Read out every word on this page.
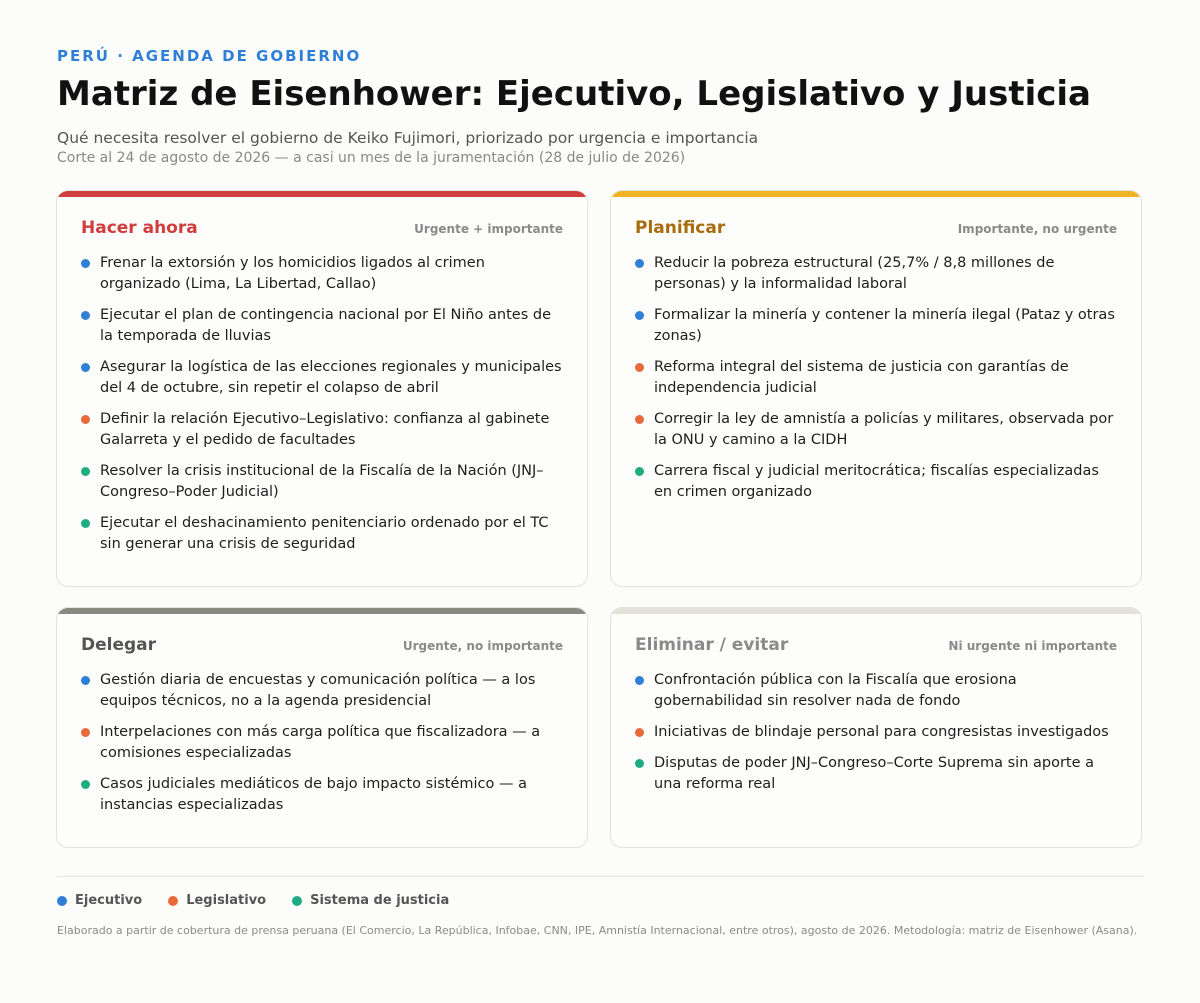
PERÚ · AGENDA DE GOBIERNO
Matriz de Eisenhower: Ejecutivo, Legislativo y Justicia
Qué necesita resolver el gobierno de Keiko Fujimori, priorizado por urgencia e importancia
Corte al 24 de agosto de 2026 — a casi un mes de la juramentación (28 de julio de 2026)
Hacer ahora	Urgente + importante
Frenar la extorsión y los homicidios ligados al crimen organizado (Lima, La Libertad, Callao)
Ejecutar el plan de contingencia nacional por El Niño antes de la temporada de lluvias
Asegurar la logística de las elecciones regionales y municipales del 4 de octubre, sin repetir el colapso de abril
Definir la relación Ejecutivo–Legislativo: confianza al gabinete Galarreta y el pedido de facultades
Resolver la crisis institucional de la Fiscalía de la Nación (JNJ–Congreso–Poder Judicial)
Ejecutar el deshacinamiento penitenciario ordenado por el TC sin generar una crisis de seguridad
Planificar	Importante, no urgente
Reducir la pobreza estructural (25,7% / 8,8 millones de personas) y la informalidad laboral
Formalizar la minería y contener la minería ilegal (Pataz y otras zonas)
Reforma integral del sistema de justicia con garantías de independencia judicial
Corregir la ley de amnistía a policías y militares, observada por la ONU y camino a la CIDH
Carrera fiscal y judicial meritocrática; fiscalías especializadas en crimen organizado
Delegar	Urgente, no importante
Gestión diaria de encuestas y comunicación política — a los equipos técnicos, no a la agenda presidencial
Interpelaciones con más carga política que fiscalizadora — a comisiones especializadas
Casos judiciales mediáticos de bajo impacto sistémico — a instancias especializadas
Eliminar / evitar	Ni urgente ni importante
Confrontación pública con la Fiscalía que erosiona gobernabilidad sin resolver nada de fondo
Iniciativas de blindaje personal para congresistas investigados
Disputas de poder JNJ–Congreso–Corte Suprema sin aporte a una reforma real
Ejecutivo	Legislativo	Sistema de justicia
Elaborado a partir de cobertura de prensa peruana (El Comercio, La República, Infobae, CNN, IPE, Amnistía Internacional, entre otros), agosto de 2026. Metodología: matriz de Eisenhower (Asana).
